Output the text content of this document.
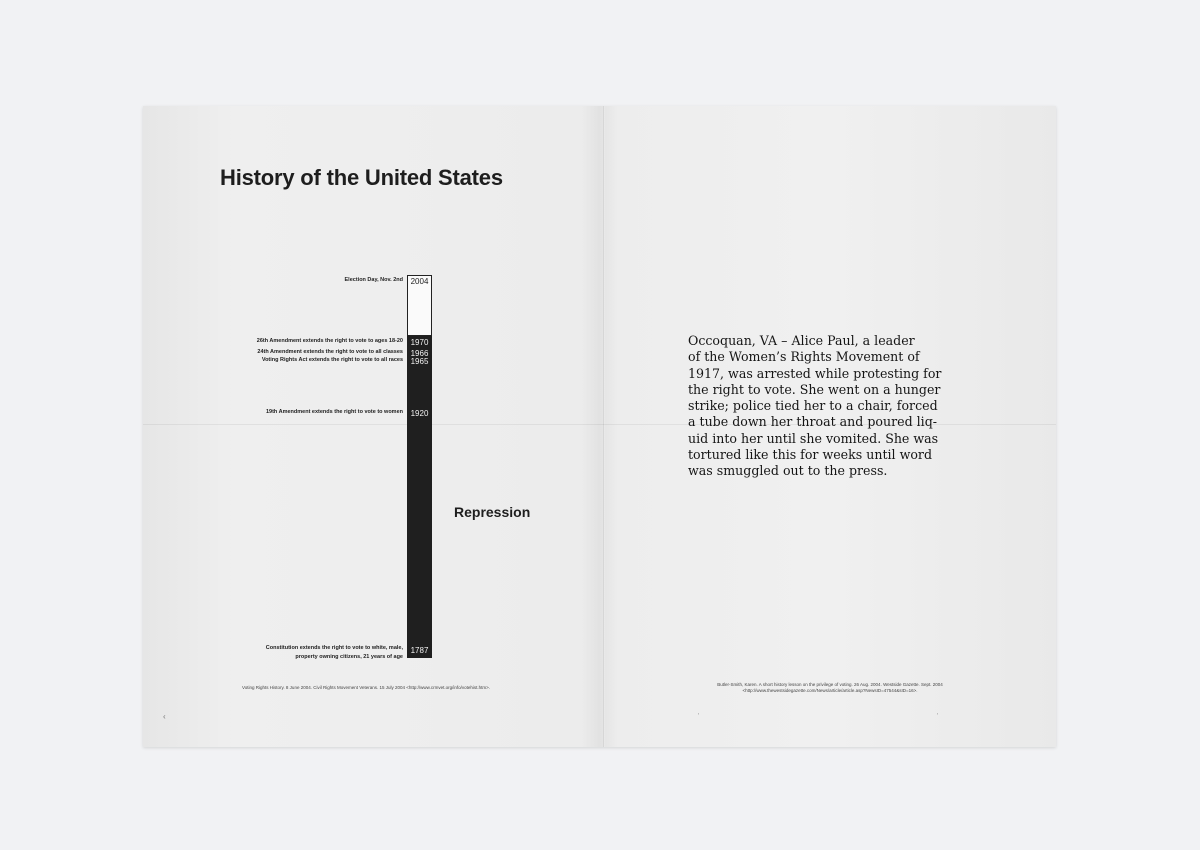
History of the United States
Election Day, Nov. 2nd
26th Amendment extends the right to vote to ages 18-20
24th Amendment extends the right to vote to all classes
Voting Rights Act extends the right to vote to all races
19th Amendment extends the right to vote to women
Constitution extends the right to vote to white, male,
property owning citizens, 21 years of age
2004
1970
1966
1965
1920
1787
Repression
Voting Rights History. 8 June 2004. Civil Rights Movement Veterans. 15 July 2004 <http://www.crmvet.org/info/votehist.htm>.
Occoquan, VA – Alice Paul, a leader
of the Women’s Rights Movement of
1917, was arrested while protesting for
the right to vote. She went on a hunger
strike; police tied her to a chair, forced
a tube down her throat and poured liq-
uid into her until she vomited. She was
tortured like this for weeks until word
was smuggled out to the press.
Butler-Smith, Karen. A short history lesson on the privilege of voting. 26 Aug. 2004. Westside Gazette. Sept. 2004
<http://www.thewestsidegazette.com/News/article/article.asp?NewsID=47544&sID=16>.
‹	ˈ	ˈ
